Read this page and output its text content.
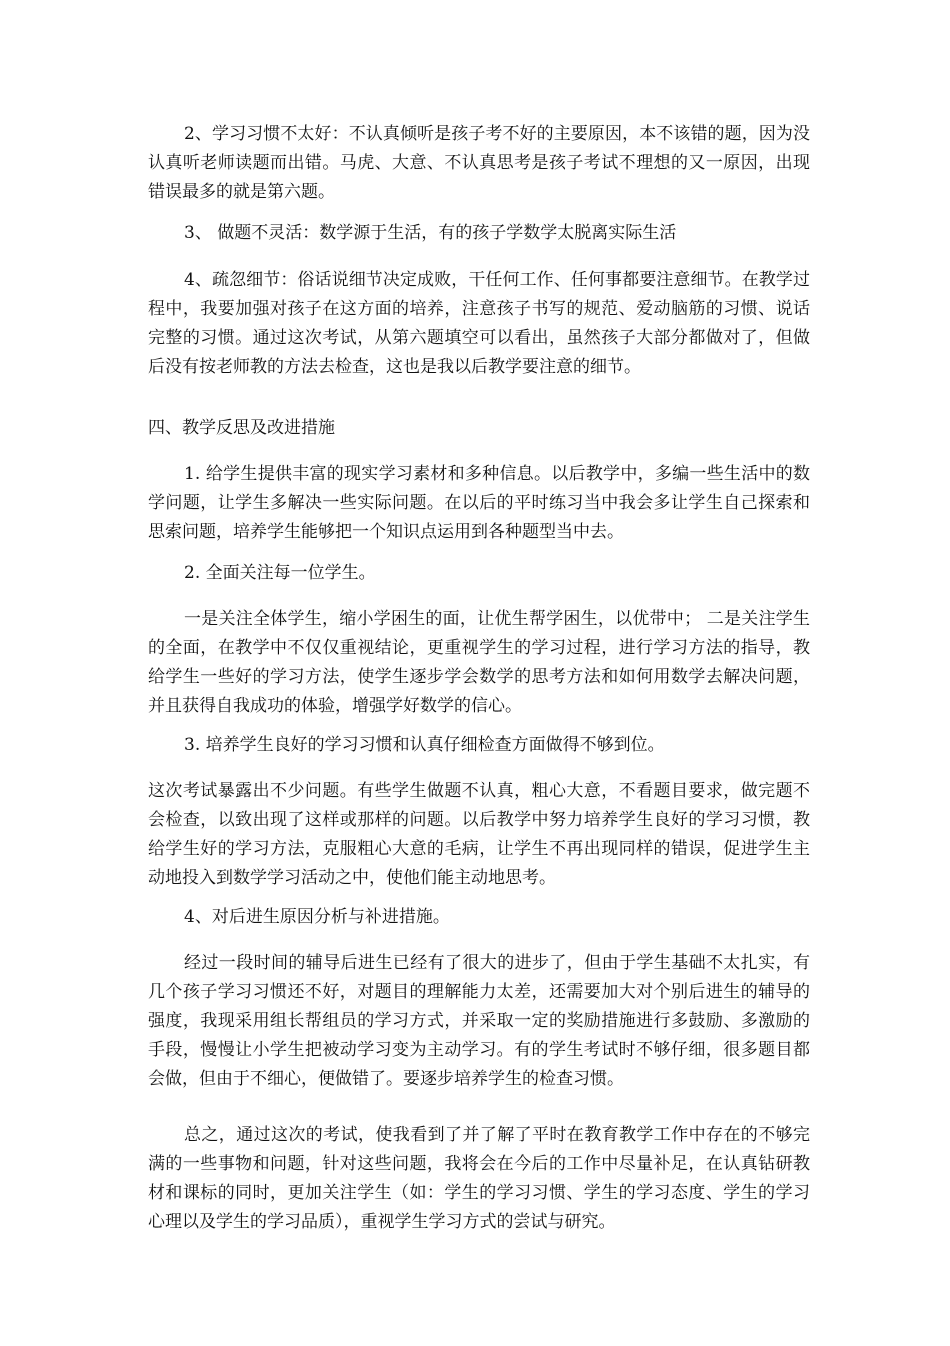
2、学习习惯不太好：不认真倾听是孩子考不好的主要原因，本不该错的题，因为没认真听老师读题而出错。马虎、大意、不认真思考是孩子考试不理想的又一原因，出现错误最多的就是第六题。

3、 做题不灵活：数学源于生活，有的孩子学数学太脱离实际生活

4、疏忽细节：俗话说细节决定成败，干任何工作、任何事都要注意细节。在教学过程中，我要加强对孩子在这方面的培养，注意孩子书写的规范、爱动脑筋的习惯、说话完整的习惯。通过这次考试，从第六题填空可以看出，虽然孩子大部分都做对了，但做后没有按老师教的方法去检查，这也是我以后教学要注意的细节。

四、教学反思及改进措施

1. 给学生提供丰富的现实学习素材和多种信息。以后教学中，多编一些生活中的数学问题，让学生多解决一些实际问题。在以后的平时练习当中我会多让学生自己探索和思索问题，培养学生能够把一个知识点运用到各种题型当中去。

2. 全面关注每一位学生。

一是关注全体学生，缩小学困生的面，让优生帮学困生，以优带中； 二是关注学生的全面，在教学中不仅仅重视结论，更重视学生的学习过程，进行学习方法的指导，教给学生一些好的学习方法，使学生逐步学会数学的思考方法和如何用数学去解决问题，并且获得自我成功的体验，增强学好数学的信心。

3. 培养学生良好的学习习惯和认真仔细检查方面做得不够到位。

这次考试暴露出不少问题。有些学生做题不认真，粗心大意，不看题目要求，做完题不会检查，以致出现了这样或那样的问题。以后教学中努力培养学生良好的学习习惯，教给学生好的学习方法，克服粗心大意的毛病，让学生不再出现同样的错误，促进学生主动地投入到数学学习活动之中，使他们能主动地思考。

4、对后进生原因分析与补进措施。

经过一段时间的辅导后进生已经有了很大的进步了，但由于学生基础不太扎实，有几个孩子学习习惯还不好，对题目的理解能力太差，还需要加大对个别后进生的辅导的强度，我现采用组长帮组员的学习方式，并采取一定的奖励措施进行多鼓励、多激励的手段，慢慢让小学生把被动学习变为主动学习。有的学生考试时不够仔细，很多题目都会做，但由于不细心，便做错了。要逐步培养学生的检查习惯。

总之，通过这次的考试，使我看到了并了解了平时在教育教学工作中存在的不够完满的一些事物和问题，针对这些问题，我将会在今后的工作中尽量补足，在认真钻研教材和课标的同时，更加关注学生（如：学生的学习习惯、学生的学习态度、学生的学习心理以及学生的学习品质），重视学生学习方式的尝试与研究。
